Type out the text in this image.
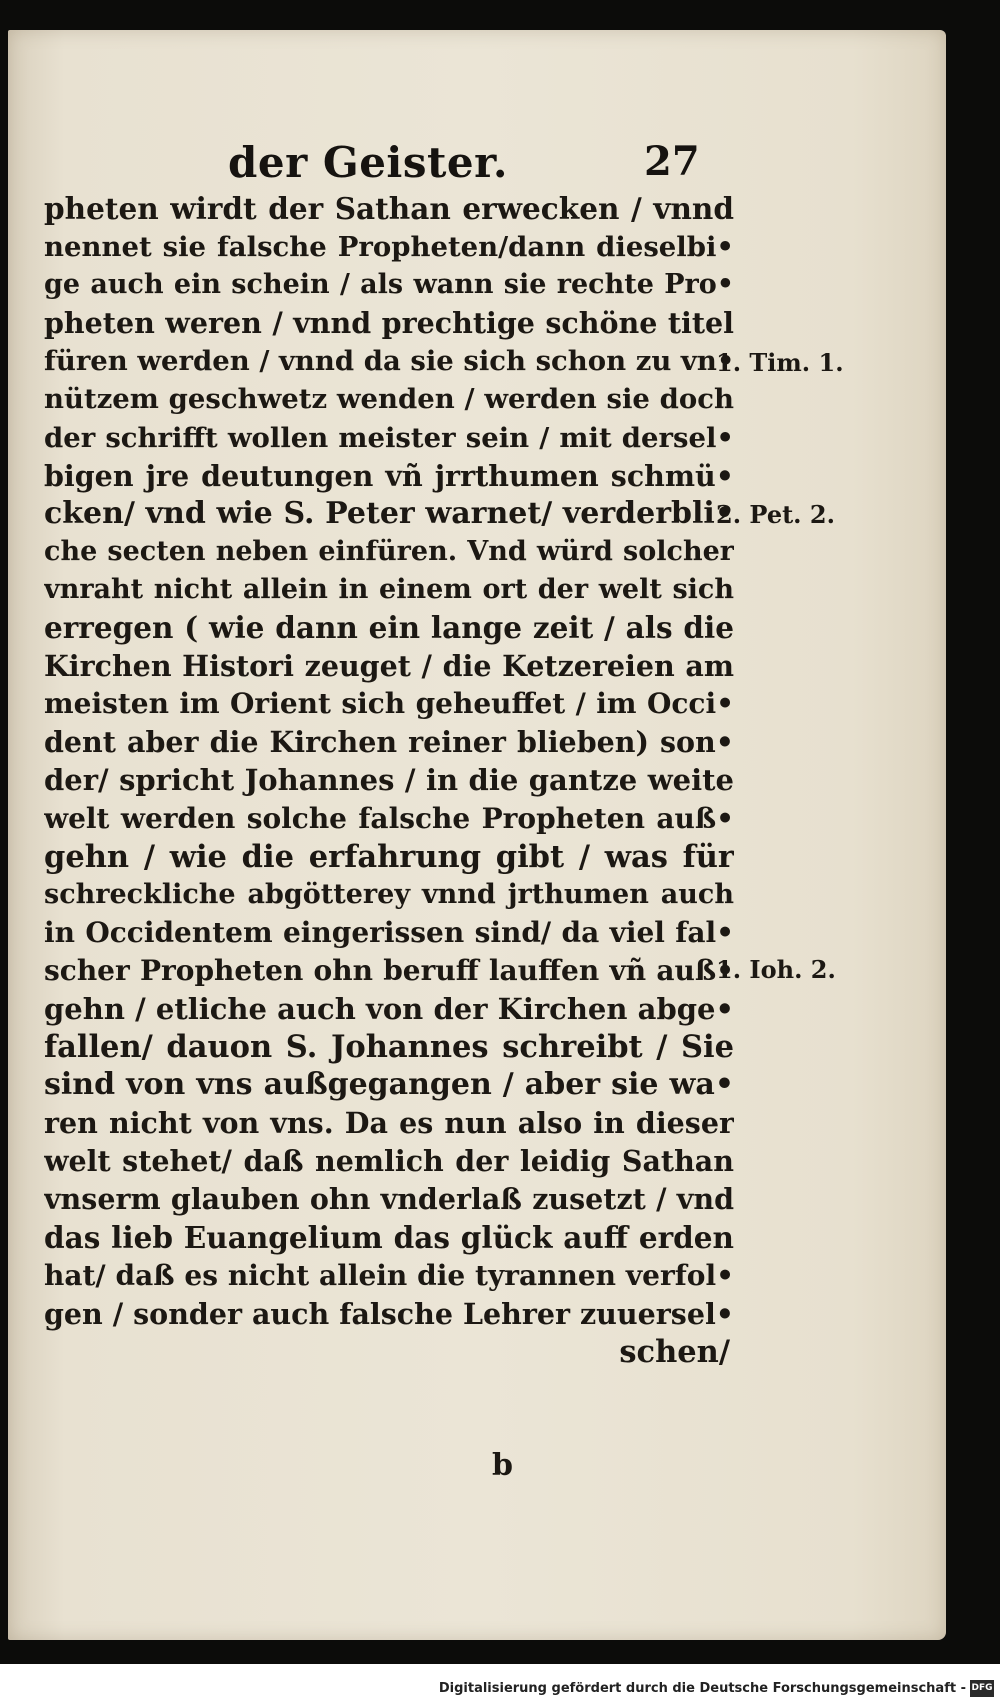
der Geister.	27
pheten wirdt der Sathan erwecken / vnnd
nennet sie falsche Propheten/dann dieselbi•
ge auch ein schein / als wann sie rechte Pro•
pheten weren / vnnd prechtige schöne titel
füren werden / vnnd da sie sich schon zu vn•
nützem geschwetz wenden / werden sie doch
der schrifft wollen meister sein / mit dersel•
bigen jre deutungen vñ jrrthumen schmü•
cken/ vnd wie S. Peter warnet/ verderbli•
che secten neben einfüren. Vnd würd solcher
vnraht nicht allein in einem ort der welt sich
erregen ( wie dann ein lange zeit / als die
Kirchen Histori zeuget / die Ketzereien am
meisten im Orient sich geheuffet / im Occi•
dent aber die Kirchen reiner blieben) son•
der/ spricht Johannes / in die gantze weite
welt werden solche falsche Propheten auß•
gehn / wie die erfahrung gibt / was für
schreckliche abgötterey vnnd jrthumen auch
in Occidentem eingerissen sind/ da viel fal•
scher Propheten ohn beruff lauffen vñ auß•
gehn / etliche auch von der Kirchen abge•
fallen/ dauon S. Johannes schreibt / Sie
sind von vns außgegangen / aber sie wa•
ren nicht von vns. Da es nun also in dieser
welt stehet/ daß nemlich der leidig Sathan
vnserm glauben ohn vnderlaß zusetzt / vnd
das lieb Euangelium das glück auff erden
hat/ daß es nicht allein die tyrannen verfol•
gen / sonder auch falsche Lehrer zuuersel•
schen/
1. Tim. 1.
2. Pet. 2.
1. Ioh. 2.
b
Digitalisierung gefördert durch die Deutsche Forschungsgemeinschaft - DFG
